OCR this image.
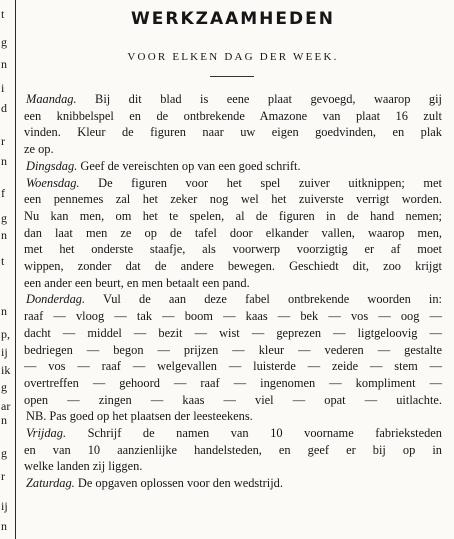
t
g
n
i
d
r
n
f
g
n
t
n
p,
ij
ik
g
ar
n
g
r
ij
n
WERKZAAMHEDEN
VOOR ELKEN DAG DER WEEK.
Maandag. Bij dit blad is eene plaat gevoegd, waarop gij
een knibbelspel en de ontbrekende Amazone van plaat 16 zult
vinden. Kleur de figuren naar uw eigen goedvinden, en plak
ze op.
Dingsdag. Geef de vereischten op van een goed schrift.
Woensdag. De figuren voor het spel zuiver uitknippen; met
een pennemes zal het zeker nog wel het zuiverste verrigt worden.
Nu kan men, om het te spelen, al de figuren in de hand nemen;
dan laat men ze op de tafel door elkander vallen, waarop men,
met het onderste staafje, als voorwerp voorzigtig er af moet
wippen, zonder dat de andere bewegen. Geschiedt dit, zoo krijgt
een ander een beurt, en men betaalt een pand.
Donderdag. Vul de aan deze fabel ontbrekende woorden in:
raaf — vloog — tak — boom — kaas — bek — vos — oog —
dacht — middel — bezit — wist — geprezen — ligtgeloovig —
bedriegen — begon — prijzen — kleur — vederen — gestalte
— vos — raaf — welgevallen — luisterde — zeide — stem —
overtreffen — gehoord — raaf — ingenomen — kompliment —
open — zingen — kaas — viel — opat — uitlachte.
NB. Pas goed op het plaatsen der leesteekens.
Vrijdag. Schrijf de namen van 10 voorname fabrieksteden
en van 10 aanzienlijke handelsteden, en geef er bij op in
welke landen zij liggen.
Zaturdag. De opgaven oplossen voor den wedstrijd.
